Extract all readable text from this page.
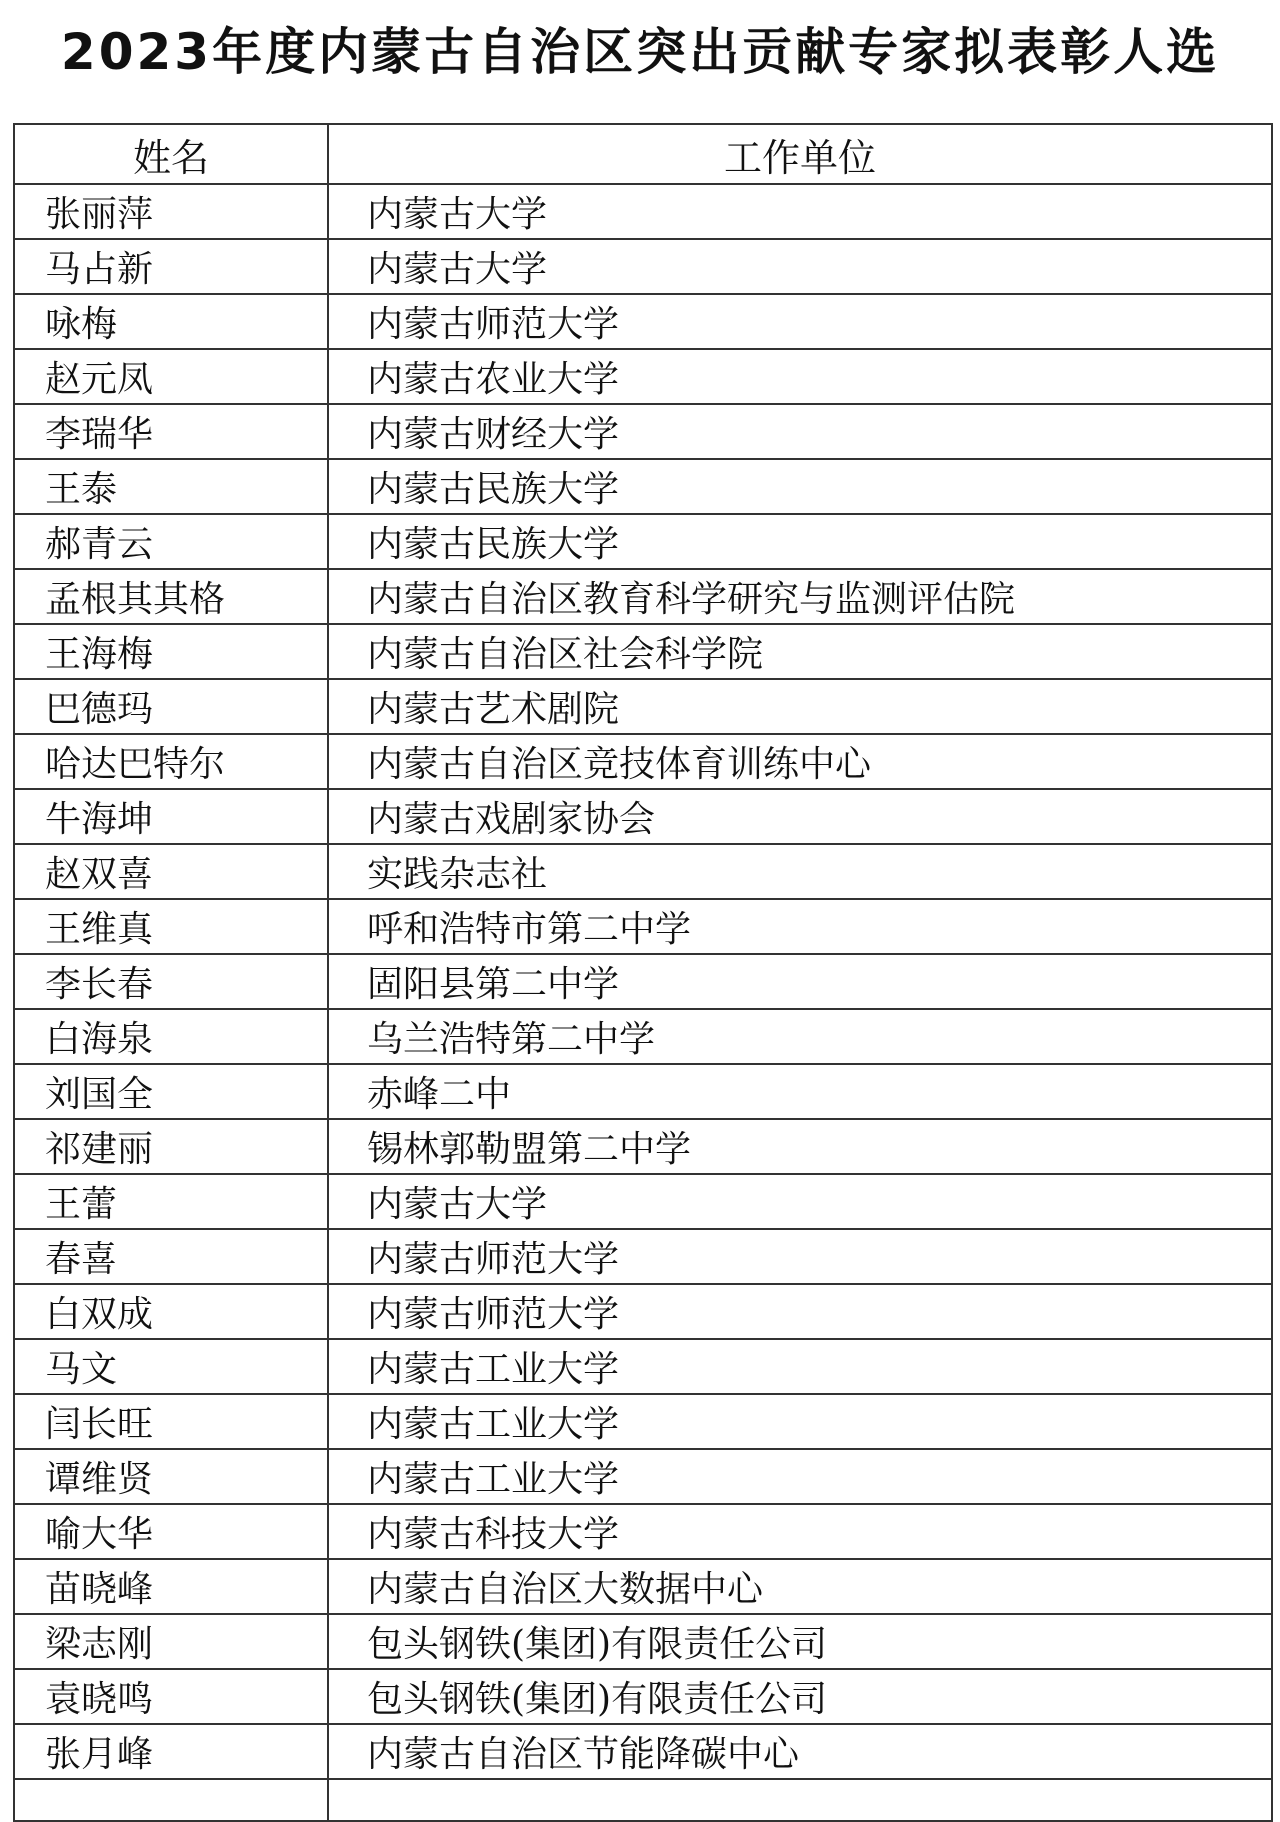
2023年度内蒙古自治区突出贡献专家拟表彰人选
姓名	工作单位
张丽萍	内蒙古大学
马占新	内蒙古大学
咏梅	内蒙古师范大学
赵元凤	内蒙古农业大学
李瑞华	内蒙古财经大学
王泰	内蒙古民族大学
郝青云	内蒙古民族大学
孟根其其格	内蒙古自治区教育科学研究与监测评估院
王海梅	内蒙古自治区社会科学院
巴德玛	内蒙古艺术剧院
哈达巴特尔	内蒙古自治区竞技体育训练中心
牛海坤	内蒙古戏剧家协会
赵双喜	实践杂志社
王维真	呼和浩特市第二中学
李长春	固阳县第二中学
白海泉	乌兰浩特第二中学
刘国全	赤峰二中
祁建丽	锡林郭勒盟第二中学
王蕾	内蒙古大学
春喜	内蒙古师范大学
白双成	内蒙古师范大学
马文	内蒙古工业大学
闫长旺	内蒙古工业大学
谭维贤	内蒙古工业大学
喻大华	内蒙古科技大学
苗晓峰	内蒙古自治区大数据中心
梁志刚	包头钢铁(集团)有限责任公司
袁晓鸣	包头钢铁(集团)有限责任公司
张月峰	内蒙古自治区节能降碳中心
